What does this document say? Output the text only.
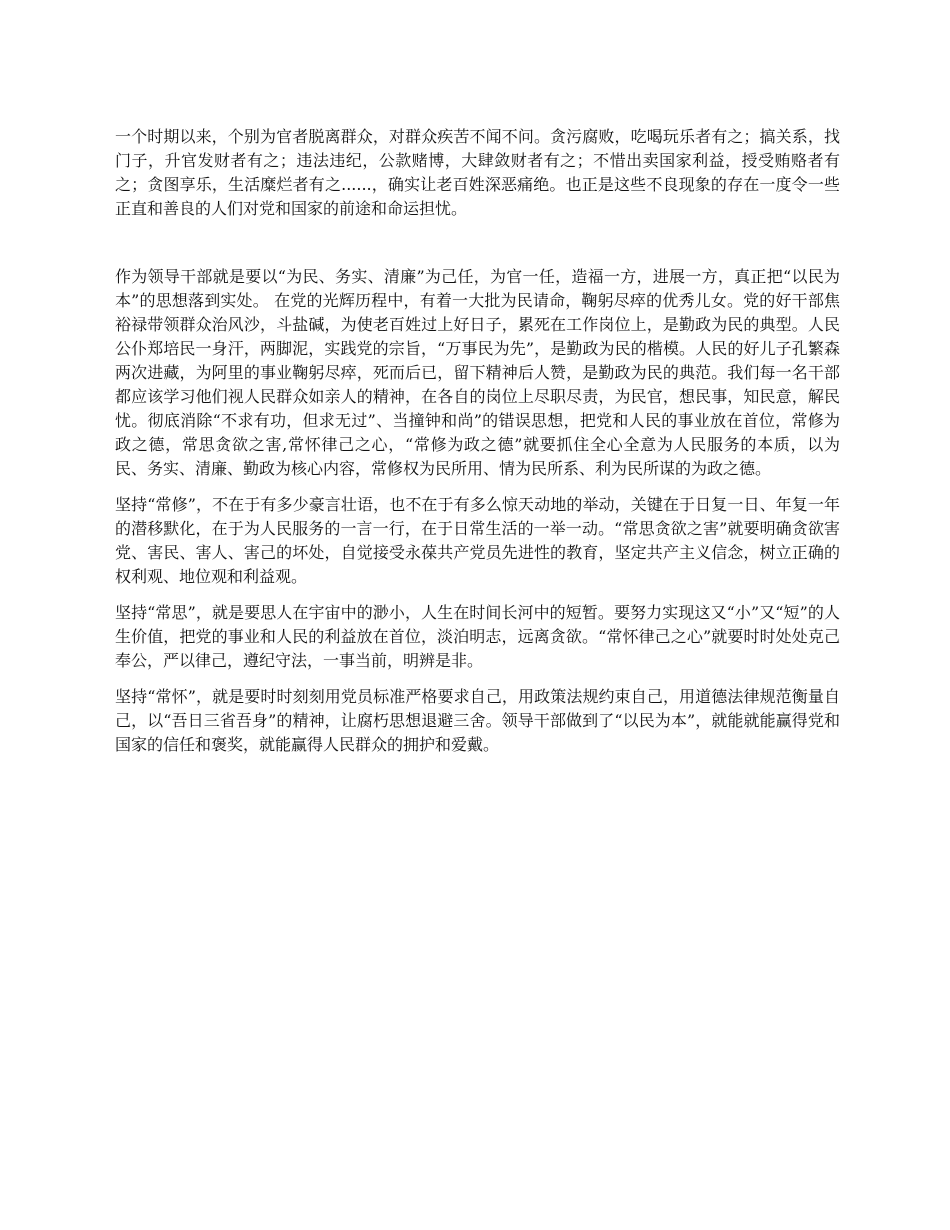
一个时期以来，个别为官者脱离群众，对群众疾苦不闻不问。贪污腐败，吃喝玩乐者有之；搞关系，找门子，升官发财者有之；违法违纪，公款赌博，大肆敛财者有之；不惜出卖国家利益，授受贿赂者有之；贪图享乐，生活糜烂者有之......，确实让老百姓深恶痛绝。也正是这些不良现象的存在一度令一些正直和善良的人们对党和国家的前途和命运担忧。

作为领导干部就是要以“为民、务实、清廉”为己任，为官一任，造福一方，进展一方，真正把“以民为本”的思想落到实处。 在党的光辉历程中，有着一大批为民请命，鞠躬尽瘁的优秀儿女。党的好干部焦裕禄带领群众治风沙，斗盐碱，为使老百姓过上好日子，累死在工作岗位上，是勤政为民的典型。人民公仆郑培民一身汗，两脚泥，实践党的宗旨，“万事民为先”，是勤政为民的楷模。人民的好儿子孔繁森两次进藏，为阿里的事业鞠躬尽瘁，死而后已，留下精神后人赞，是勤政为民的典范。我们每一名干部都应该学习他们视人民群众如亲人的精神，在各自的岗位上尽职尽责，为民官，想民事，知民意，解民忧。彻底消除“不求有功，但求无过”、当撞钟和尚”的错误思想，把党和人民的事业放在首位，常修为政之德，常思贪欲之害,常怀律己之心，“常修为政之德”就要抓住全心全意为人民服务的本质，以为民、务实、清廉、勤政为核心内容，常修权为民所用、情为民所系、利为民所谋的为政之德。

坚持“常修”，不在于有多少豪言壮语，也不在于有多么惊天动地的举动，关键在于日复一日、年复一年的潜移默化，在于为人民服务的一言一行，在于日常生活的一举一动。“常思贪欲之害”就要明确贪欲害党、害民、害人、害己的坏处，自觉接受永葆共产党员先进性的教育，坚定共产主义信念，树立正确的权利观、地位观和利益观。

坚持“常思”，就是要思人在宇宙中的渺小，人生在时间长河中的短暂。要努力实现这又“小”又“短”的人生价值，把党的事业和人民的利益放在首位，淡泊明志，远离贪欲。“常怀律己之心”就要时时处处克己奉公，严以律己，遵纪守法，一事当前，明辨是非。

坚持“常怀”，就是要时时刻刻用党员标准严格要求自己，用政策法规约束自己，用道德法律规范衡量自己，以“吾日三省吾身”的精神，让腐朽思想退避三舍。领导干部做到了“以民为本”，就能就能赢得党和国家的信任和褒奖，就能赢得人民群众的拥护和爱戴。
